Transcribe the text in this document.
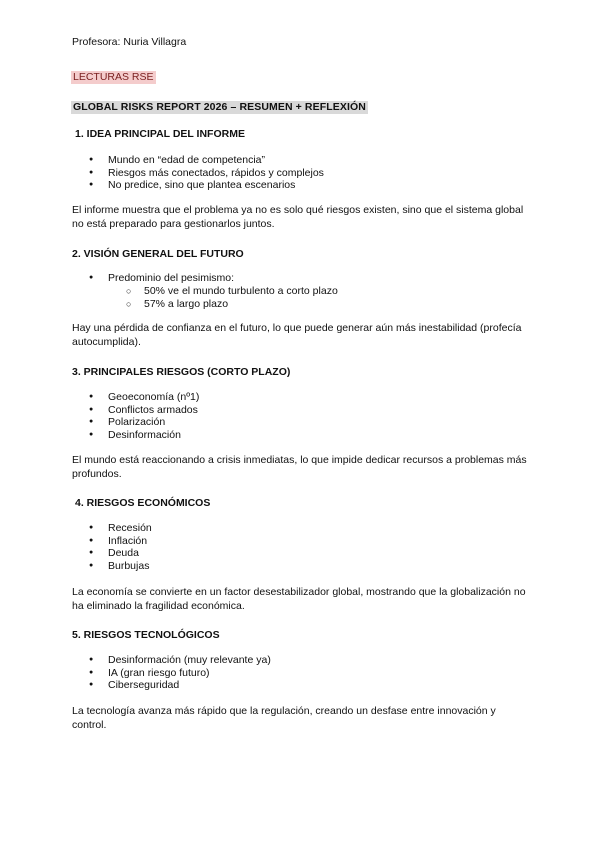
Profesora: Nuria Villagra
LECTURAS RSE
GLOBAL RISKS REPORT 2026 – RESUMEN + REFLEXIÓN
1. IDEA PRINCIPAL DEL INFORME
● Mundo en “edad de competencia”
● Riesgos más conectados, rápidos y complejos
● No predice, sino que plantea escenarios
El informe muestra que el problema ya no es solo qué riesgos existen, sino que el sistema global no está preparado para gestionarlos juntos.
2. VISIÓN GENERAL DEL FUTURO
● Predominio del pesimismo:
○ 50% ve el mundo turbulento a corto plazo
○ 57% a largo plazo
Hay una pérdida de confianza en el futuro, lo que puede generar aún más inestabilidad (profecía autocumplida).
3. PRINCIPALES RIESGOS (CORTO PLAZO)
● Geoeconomía (nº1)
● Conflictos armados
● Polarización
● Desinformación
El mundo está reaccionando a crisis inmediatas, lo que impide dedicar recursos a problemas más profundos.
4. RIESGOS ECONÓMICOS
● Recesión
● Inflación
● Deuda
● Burbujas
La economía se convierte en un factor desestabilizador global, mostrando que la globalización no ha eliminado la fragilidad económica.
5. RIESGOS TECNOLÓGICOS
● Desinformación (muy relevante ya)
● IA (gran riesgo futuro)
● Ciberseguridad
La tecnología avanza más rápido que la regulación, creando un desfase entre innovación y control.
